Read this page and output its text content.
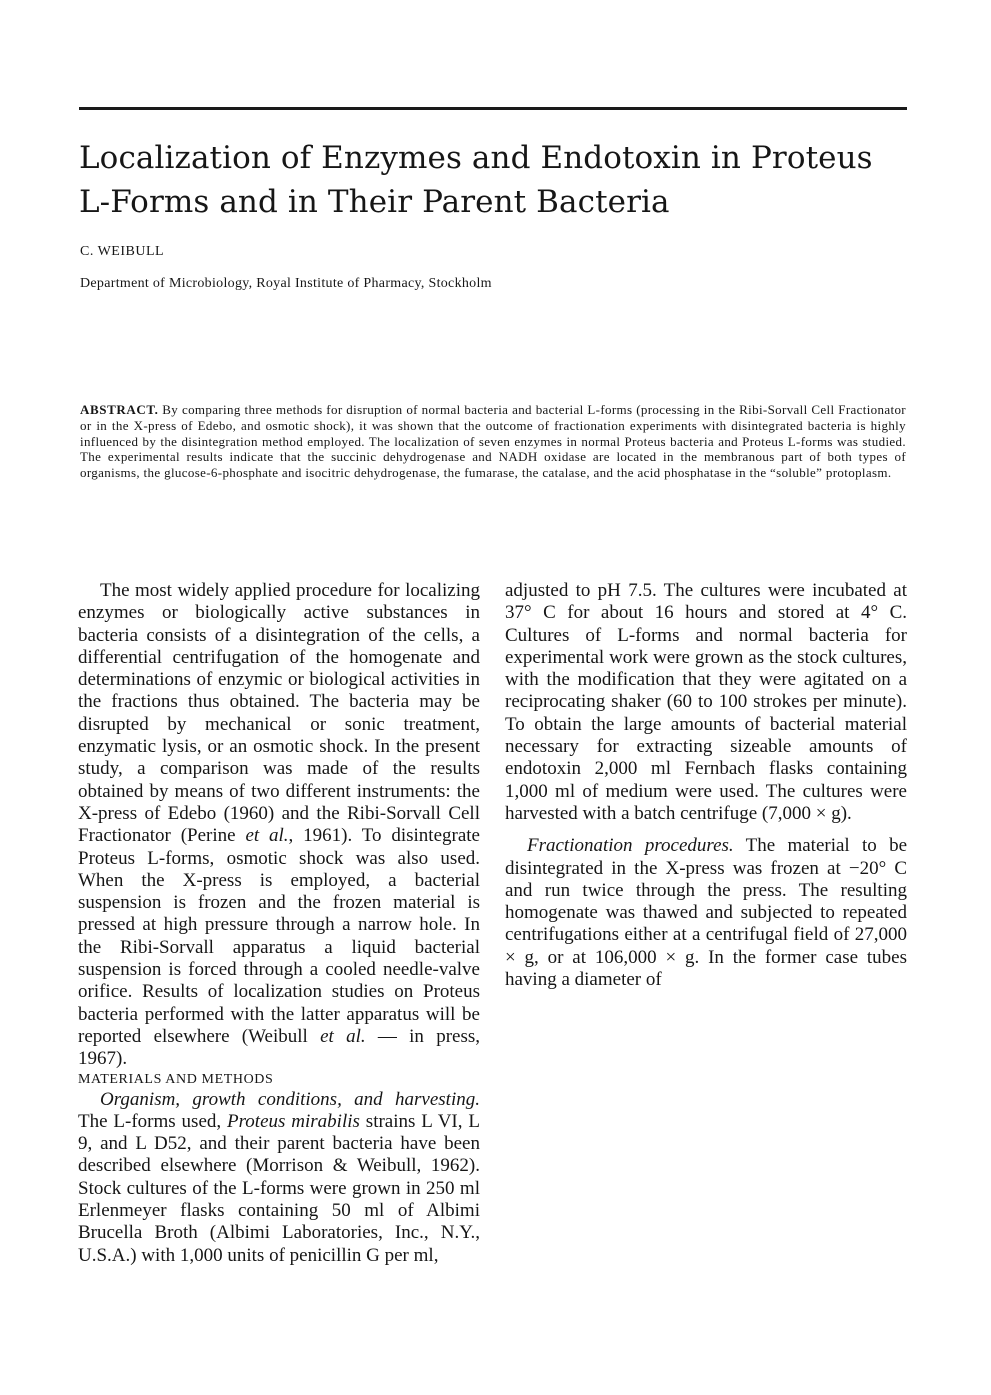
Localization of Enzymes and Endotoxin in Proteus L-Forms and in Their Parent Bacteria
C. WEIBULL
Department of Microbiology, Royal Institute of Pharmacy, Stockholm

ABSTRACT. By comparing three methods for disruption of normal bacteria and bacterial L-forms (processing in the Ribi-Sorvall Cell Fractionator or in the X-press of Edebo, and osmotic shock), it was shown that the outcome of fractionation experiments with disintegrated bacteria is highly influenced by the disintegration method employed. The localization of seven enzymes in normal Proteus bacteria and Proteus L-forms was studied. The experimental results indicate that the succinic dehydrogenase and NADH oxidase are located in the membranous part of both types of organisms, the glucose-6-phosphate and isocitric dehydrogenase, the fumarase, the catalase, and the acid phosphatase in the “soluble” protoplasm.

The most widely applied procedure for localizing enzymes or biologically active substances in bacteria consists of a disintegration of the cells, a differential centrifugation of the homogenate and determinations of enzymic or biological activities in the fractions thus obtained. The bacteria may be disrupted by mechanical or sonic treatment, enzymatic lysis, or an osmotic shock. In the present study, a comparison was made of the results obtained by means of two different instruments: the X-press of Edebo (1960) and the Ribi-Sorvall Cell Fractionator (Perine et al., 1961). To disintegrate Proteus L-forms, osmotic shock was also used. When the X-press is employed, a bacterial suspension is frozen and the frozen material is pressed at high pressure through a narrow hole. In the Ribi-Sorvall apparatus a liquid bacterial suspension is forced through a cooled needle-valve orifice. Results of localization studies on Proteus bacteria performed with the latter apparatus will be reported elsewhere (Weibull et al. — in press, 1967).

MATERIALS AND METHODS

Organism, growth conditions, and harvesting. The L-forms used, Proteus mirabilis strains L VI, L 9, and L D52, and their parent bacteria have been described elsewhere (Morrison & Weibull, 1962). Stock cultures of the L-forms were grown in 250 ml Erlenmeyer flasks containing 50 ml of Albimi Brucella Broth (Albimi Laboratories, Inc., N.Y., U.S.A.) with 1,000 units of penicillin G per ml,

adjusted to pH 7.5. The cultures were incubated at 37° C for about 16 hours and stored at 4° C. Cultures of L-forms and normal bacteria for experimental work were grown as the stock cultures, with the modification that they were agitated on a reciprocating shaker (60 to 100 strokes per minute). To obtain the large amounts of bacterial material necessary for extracting sizeable amounts of endotoxin 2,000 ml Fernbach flasks containing 1,000 ml of medium were used. The cultures were harvested with a batch centrifuge (7,000 × g).

Fractionation procedures. The material to be disintegrated in the X-press was frozen at −20° C and run twice through the press. The resulting homogenate was thawed and subjected to repeated centrifugations either at a centrifugal field of 27,000 × g, or at 106,000 × g. In the former case tubes having a diameter of
